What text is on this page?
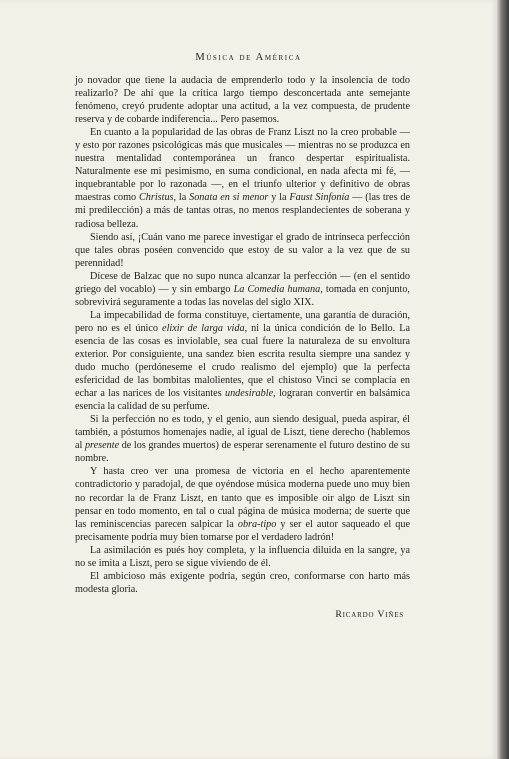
Música de América

jo novador que tiene la audacia de emprenderlo todo y la insolencia de todo realizarlo? De ahí que la crítica largo tiempo desconcertada ante semejante fenómeno, creyó prudente adoptar una actitud, a la vez compuesta, de prudente reserva y de cobarde indiferencia... Pero pasemos.

En cuanto a la popularidad de las obras de Franz Liszt no la creo probable — y esto por razones psicológicas más que musicales — mientras no se produzca en nuestra mentalidad contemporánea un franco despertar espiritualista. Naturalmente ese mi pesimismo, en suma condicional, en nada afecta mi fé, — inquebrantable por lo razonada —, en el triunfo ulterior y definitivo de obras maestras como Christus, la Sonata en si menor y la Faust Sinfonía — (las tres de mi predilección) a más de tantas otras, no menos resplandecientes de soberana y radiosa belleza.

Siendo así, ¡Cuán vano me parece investigar el grado de intrínseca perfección que tales obras poséen convencido que estoy de su valor a la vez que de su perennidad!

Dícese de Balzac que no supo nunca alcanzar la perfección — (en el sentido griego del vocablo) — y sin embargo La Comedia humana, tomada en conjunto, sobrevivirá seguramente a todas las novelas del siglo XIX.

La impecabilidad de forma constituye, ciertamente, una garantía de duración, pero no es el único elixir de larga vida, ni la única condición de lo Bello. La esencia de las cosas es inviolable, sea cual fuere la naturaleza de su envoltura exterior. Por consiguiente, una sandez bien escrita resulta siempre una sandez y dudo mucho (perdóneseme el crudo realismo del ejemplo) que la perfecta esfericidad de las bombitas malolientes, que el chistoso Vinci se complacía en echar a las narices de los visitantes undesirable, lograran convertir en balsámica esencia la calidad de su perfume.

Si la perfección no es todo, y el genio, aun siendo desigual, pueda aspirar, él también, a póstumos homenajes nadie, al igual de Liszt, tiene derecho (hablemos al presente de los grandes muertos) de esperar serenamente el futuro destino de su nombre.

Y hasta creo ver una promesa de victoria en el hecho aparentemente contradictorio y paradojal, de que oyéndose música moderna puede uno muy bien no recordar la de Franz Liszt, en tanto que es imposible oir algo de Liszt sin pensar en todo momento, en tal o cual página de música moderna; de suerte que las reminiscencias parecen salpicar la obra-tipo y ser el autor saqueado el que precisamente podría muy bien tomarse por el verdadero ladrón!

La asimilación es pués hoy completa, y la influencia diluida en la sangre, ya no se imita a Liszt, pero se sigue viviendo de él.

El ambicioso más exigente podría, según creo, conformarse con harto más modesta gloria.

Ricardo Viñes
